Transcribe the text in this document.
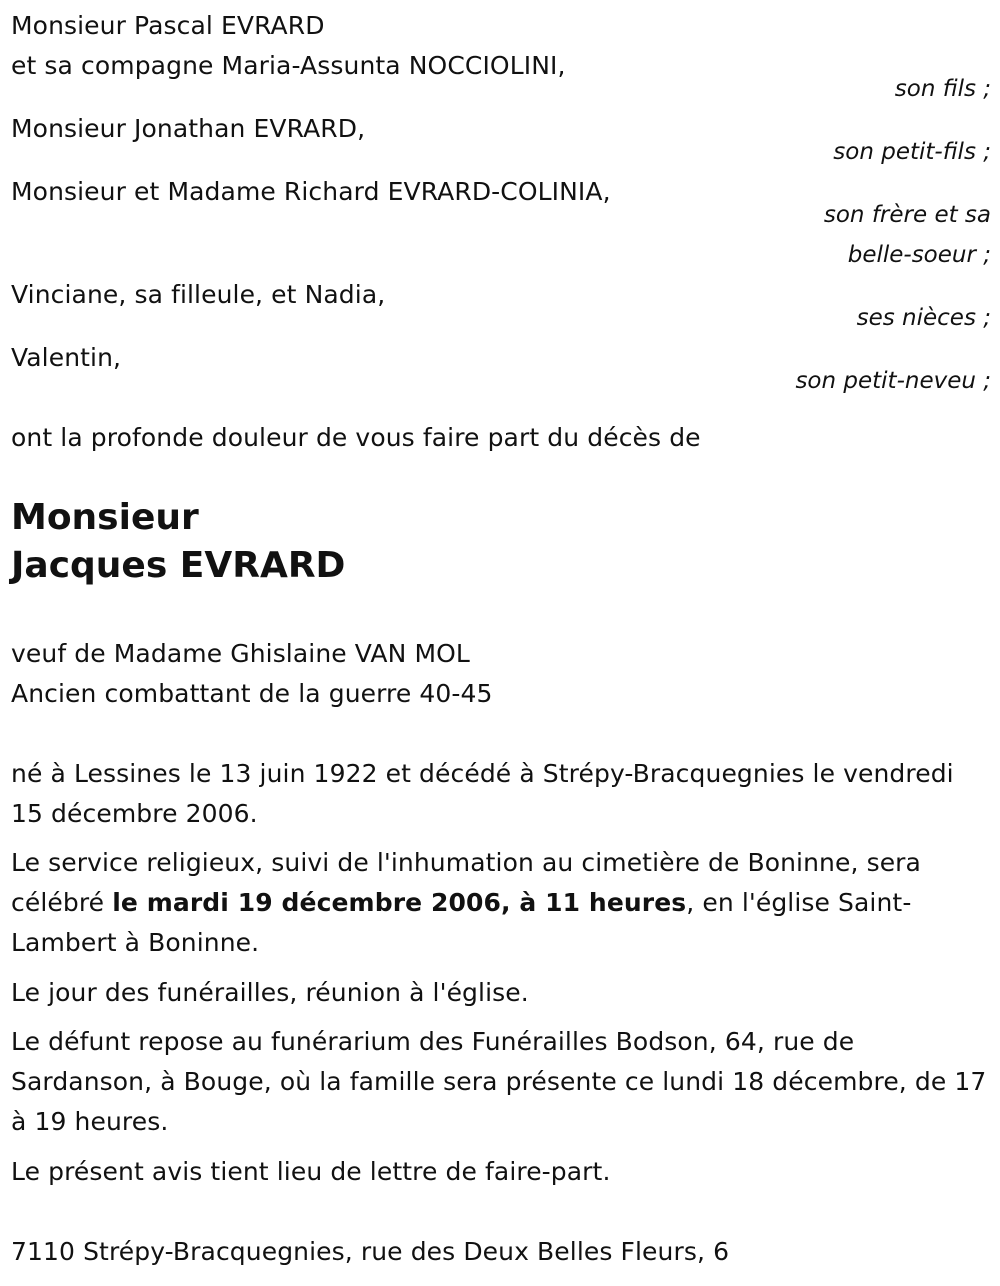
Monsieur Pascal EVRARD
et sa compagne Maria-Assunta NOCCIOLINI,
son fils ;
Monsieur Jonathan EVRARD,
son petit-fils ;
Monsieur et Madame Richard EVRARD-COLINIA,
son frère et sa
belle-soeur ;
Vinciane, sa filleule, et Nadia,
ses nièces ;
Valentin,
son petit-neveu ;
ont la profonde douleur de vous faire part du décès de
Monsieur
Jacques EVRARD
veuf de Madame Ghislaine VAN MOL
Ancien combattant de la guerre 40-45
né à Lessines le 13 juin 1922 et décédé à Strépy-Bracquegnies le vendredi 15 décembre 2006.
Le service religieux, suivi de l'inhumation au cimetière de Boninne, sera célébré le mardi 19 décembre 2006, à 11 heures, en l'église Saint-Lambert à Boninne.
Le jour des funérailles, réunion à l'église.
Le défunt repose au funérarium des Funérailles Bodson, 64, rue de Sardanson, à Bouge, où la famille sera présente ce lundi 18 décembre, de 17 à 19 heures.
Le présent avis tient lieu de lettre de faire-part.
7110 Strépy-Bracquegnies, rue des Deux Belles Fleurs, 6
